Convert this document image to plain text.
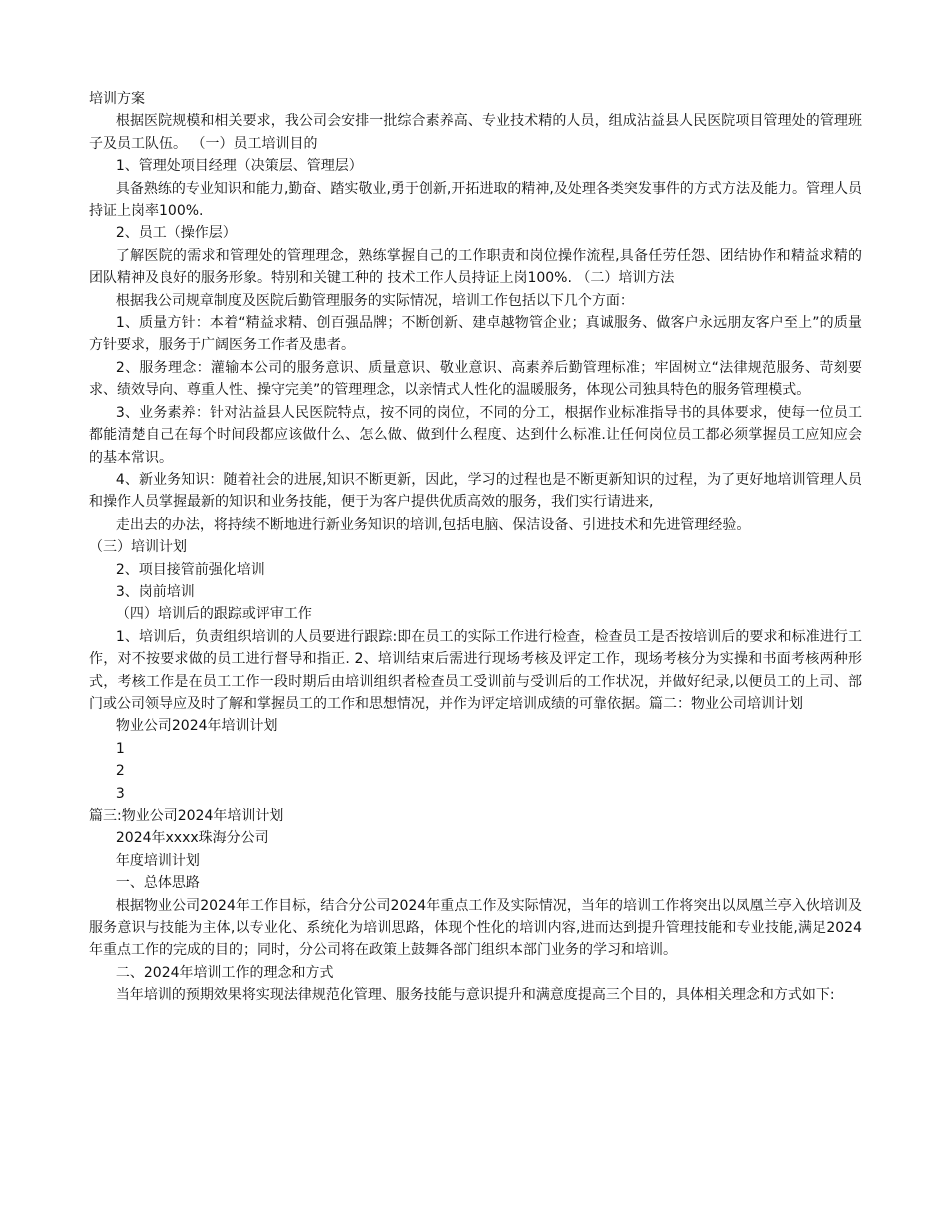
培训方案

根据医院规模和相关要求，我公司会安排一批综合素养高、专业技术精的人员，组成沾益县人民医院项目管理处的管理班子及员工队伍。 （一）员工培训目的

1、管理处项目经理（决策层、管理层）

具备熟练的专业知识和能力,勤奋、踏实敬业,勇于创新,开拓进取的精神,及处理各类突发事件的方式方法及能力。管理人员持证上岗率100%.

2、员工（操作层）

了解医院的需求和管理处的管理理念，熟练掌握自己的工作职责和岗位操作流程,具备任劳任怨、团结协作和精益求精的团队精神及良好的服务形象。特别和关键工种的 技术工作人员持证上岗100%. （二）培训方法

根据我公司规章制度及医院后勤管理服务的实际情况，培训工作包括以下几个方面：

1、质量方针：本着“精益求精、创百强品牌；不断创新、建卓越物管企业；真诚服务、做客户永远朋友客户至上”的质量方针要求，服务于广阔医务工作者及患者。

2、服务理念：灌输本公司的服务意识、质量意识、敬业意识、高素养后勤管理标准；牢固树立“法律规范服务、苛刻要求、绩效导向、尊重人性、操守完美”的管理理念，以亲情式人性化的温暖服务，体现公司独具特色的服务管理模式。

3、业务素养：针对沾益县人民医院特点，按不同的岗位，不同的分工，根据作业标准指导书的具体要求，使每一位员工都能清楚自己在每个时间段都应该做什么、怎么做、做到什么程度、达到什么标准.让任何岗位员工都必须掌握员工应知应会的基本常识。

4、新业务知识：随着社会的进展,知识不断更新，因此，学习的过程也是不断更新知识的过程，为了更好地培训管理人员和操作人员掌握最新的知识和业务技能，便于为客户提供优质高效的服务，我们实行请进来,

走出去的办法，将持续不断地进行新业务知识的培训,包括电脑、保洁设备、引进技术和先进管理经验。

（三）培训计划

2、项目接管前强化培训

3、岗前培训

（四）培训后的跟踪或评审工作

1、培训后，负责组织培训的人员要进行跟踪:即在员工的实际工作进行检查，检查员工是否按培训后的要求和标准进行工作，对不按要求做的员工进行督导和指正. 2、培训结束后需进行现场考核及评定工作，现场考核分为实操和书面考核两种形式，考核工作是在员工工作一段时期后由培训组织者检查员工受训前与受训后的工作状况，并做好纪录,以便员工的上司、部门或公司领导应及时了解和掌握员工的工作和思想情况，并作为评定培训成绩的可靠依据。篇二：物业公司培训计划

物业公司2024年培训计划

1

2

3

篇三:物业公司2024年培训计划

2024年xxxx珠海分公司

年度培训计划

一、总体思路

根据物业公司2024年工作目标，结合分公司2024年重点工作及实际情况，当年的培训工作将突出以凤凰兰亭入伙培训及服务意识与技能为主体,以专业化、系统化为培训思路，体现个性化的培训内容,进而达到提升管理技能和专业技能,满足2024年重点工作的完成的目的；同时，分公司将在政策上鼓舞各部门组织本部门业务的学习和培训。

二、2024年培训工作的理念和方式

当年培训的预期效果将实现法律规范化管理、服务技能与意识提升和满意度提高三个目的，具体相关理念和方式如下:
